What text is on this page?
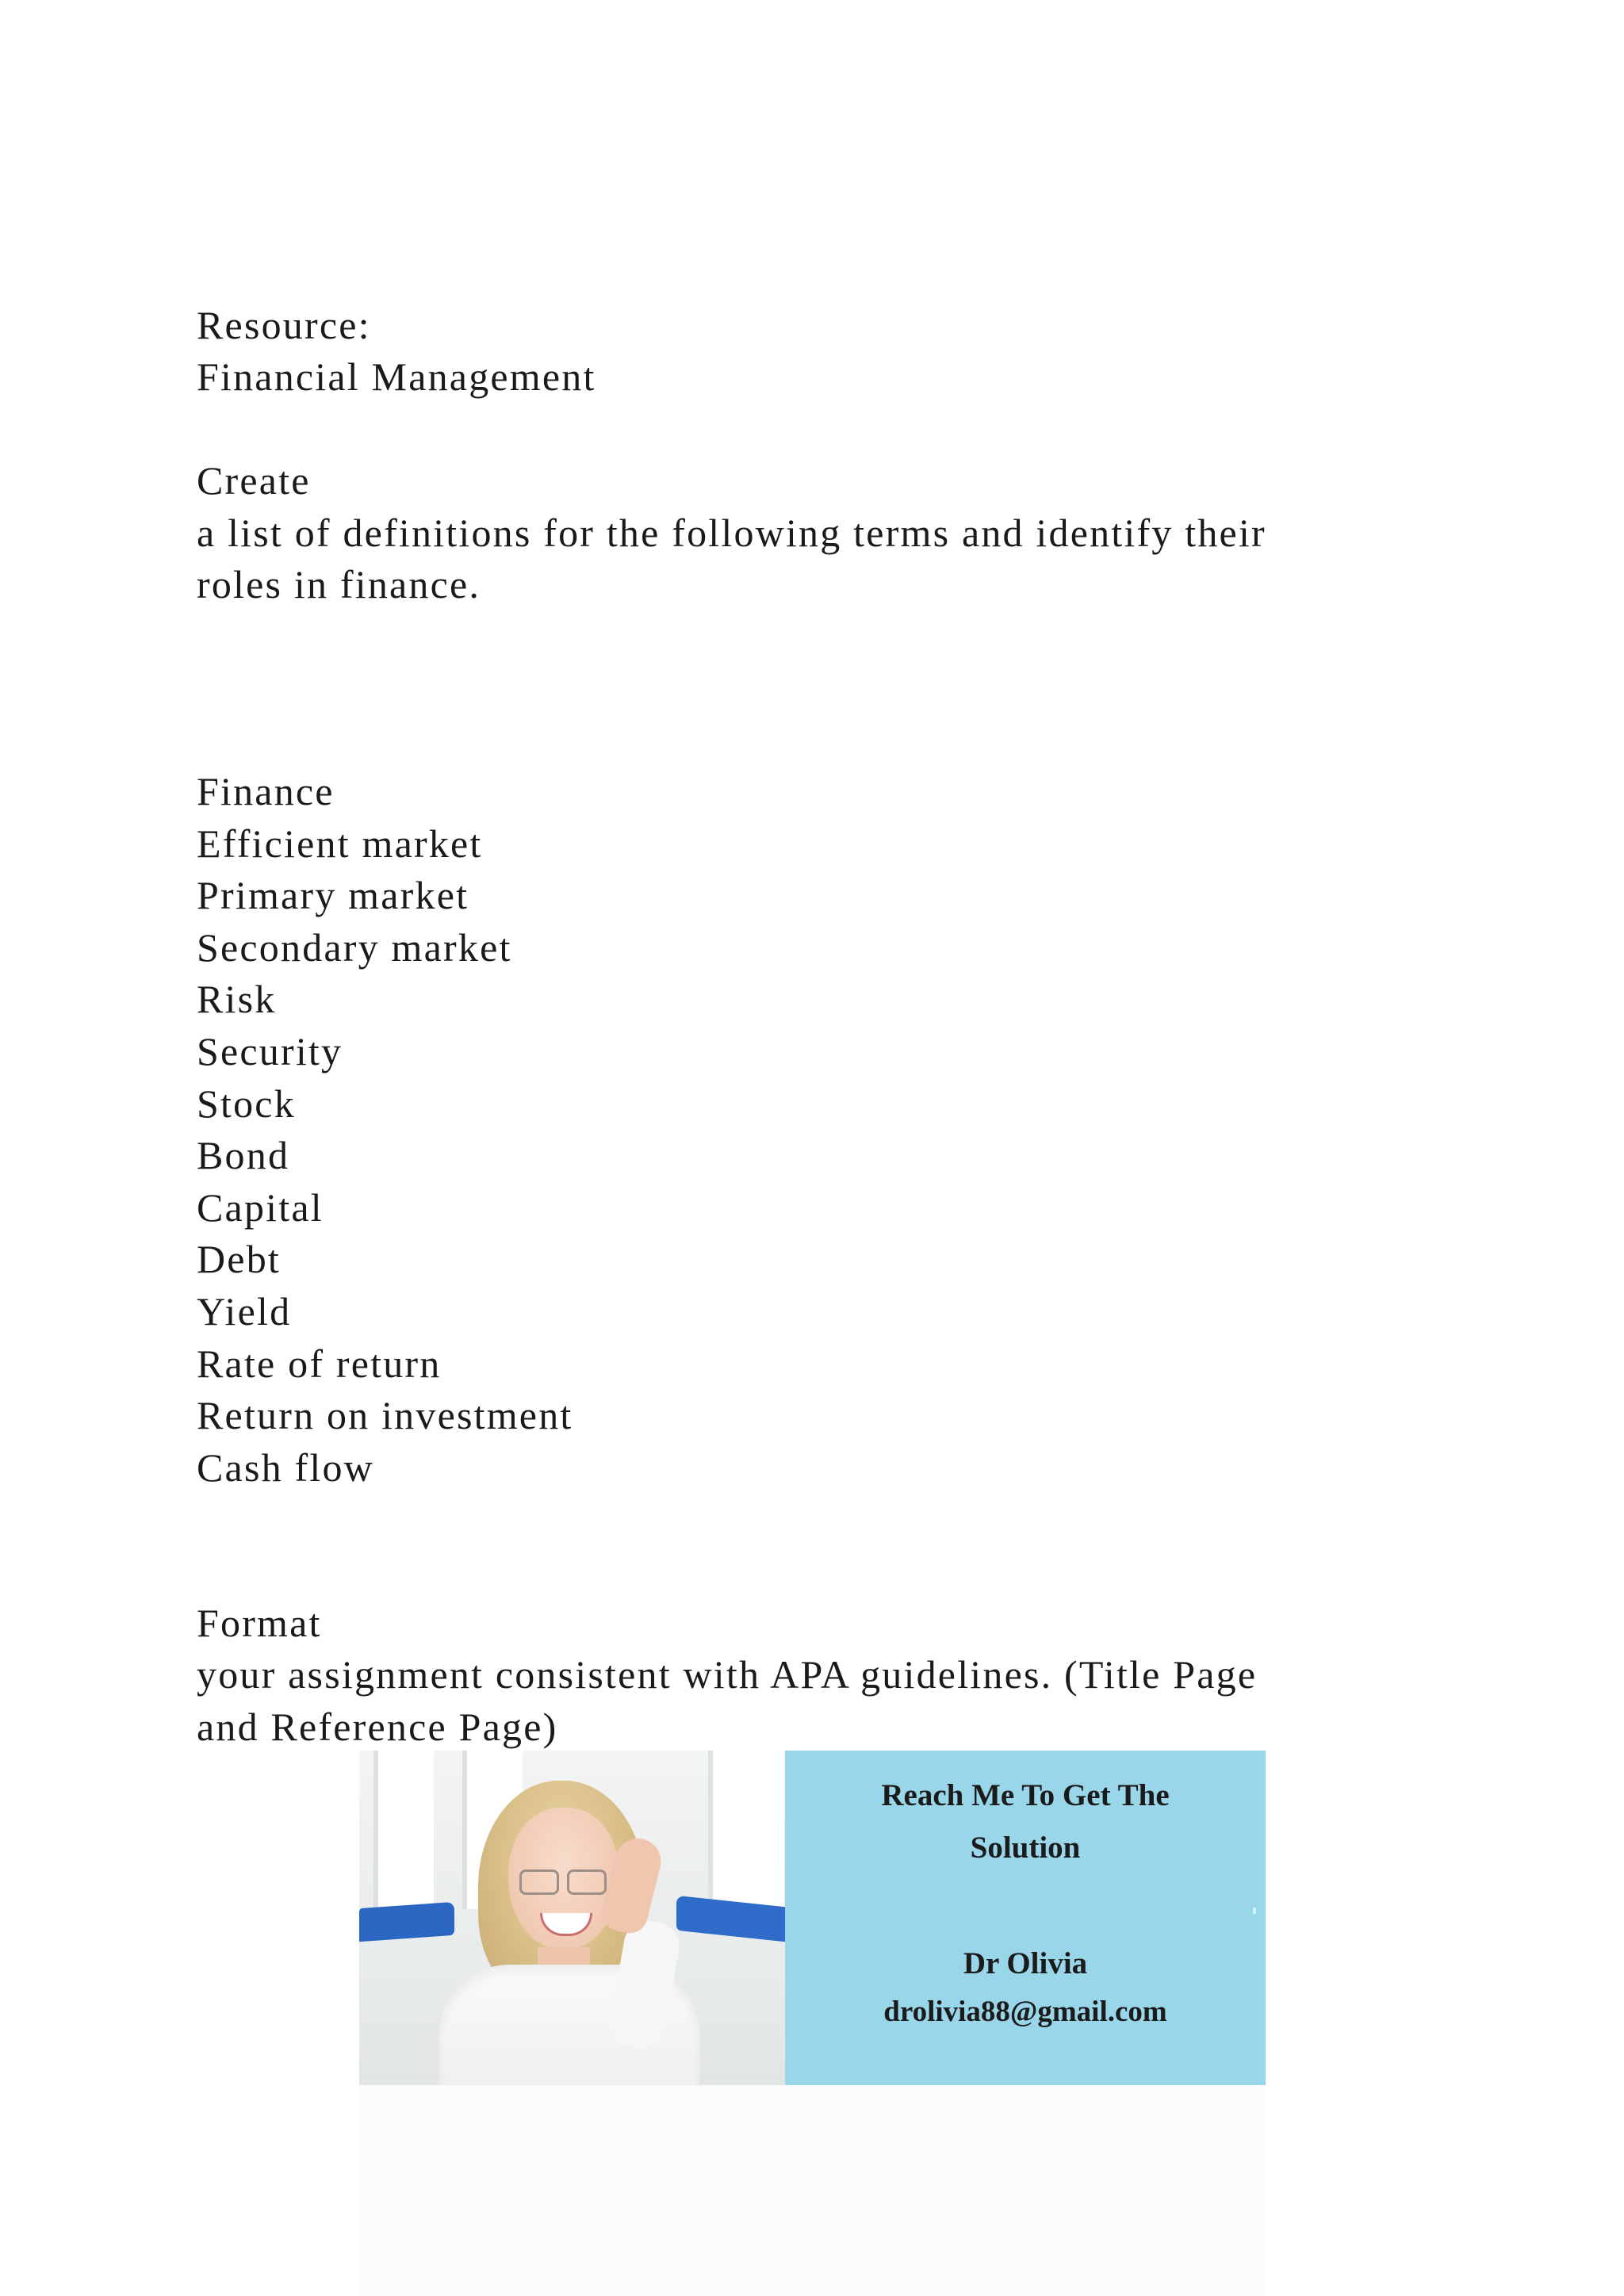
Resource:

Financial Management

Create

a list of definitions for the following terms and identify their

roles in finance.

Finance
Efficient market
Primary market
Secondary market
Risk
Security
Stock
Bond
Capital
Debt
Yield
Rate of return
Return on investment
Cash flow

Format

your assignment consistent with APA guidelines. (Title Page

and Reference Page)

Reach Me To Get The
Solution
Dr Olivia
drolivia88@gmail.com
